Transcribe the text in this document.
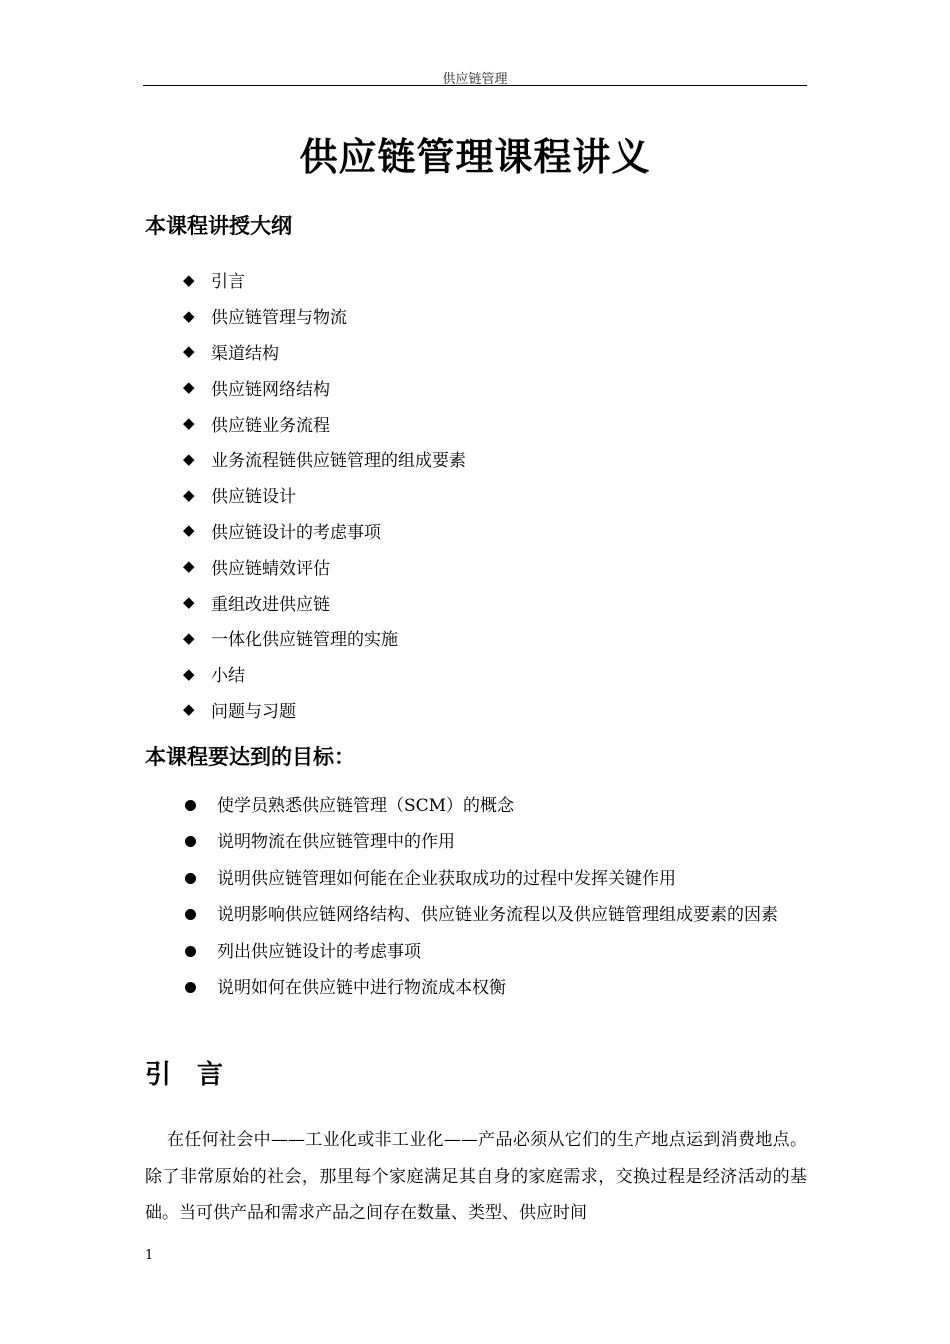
供应链管理
供应链管理课程讲义
本课程讲授大纲
◆ 引言
◆ 供应链管理与物流
◆ 渠道结构
◆ 供应链网络结构
◆ 供应链业务流程
◆ 业务流程链供应链管理的组成要素
◆ 供应链设计
◆ 供应链设计的考虑事项
◆ 供应链蜻效评估
◆ 重组改进供应链
◆ 一体化供应链管理的实施
◆ 小结
◆ 问题与习题
本课程要达到的目标：
使学员熟悉供应链管理（SCM）的概念
说明物流在供应链管理中的作用
说明供应链管理如何能在企业获取成功的过程中发挥关键作用
说明影响供应链网络结构、供应链业务流程以及供应链管理组成要素的因素
列出供应链设计的考虑事项
说明如何在供应链中进行物流成本权衡
引言

在任何社会中——工业化或非工业化——产品必须从它们的生产地点运到消费地点。除了非常原始的社会，那里每个家庭满足其自身的家庭需求，交换过程是经济活动的基础。当可供产品和需求产品之间存在数量、类型、供应时间

1
